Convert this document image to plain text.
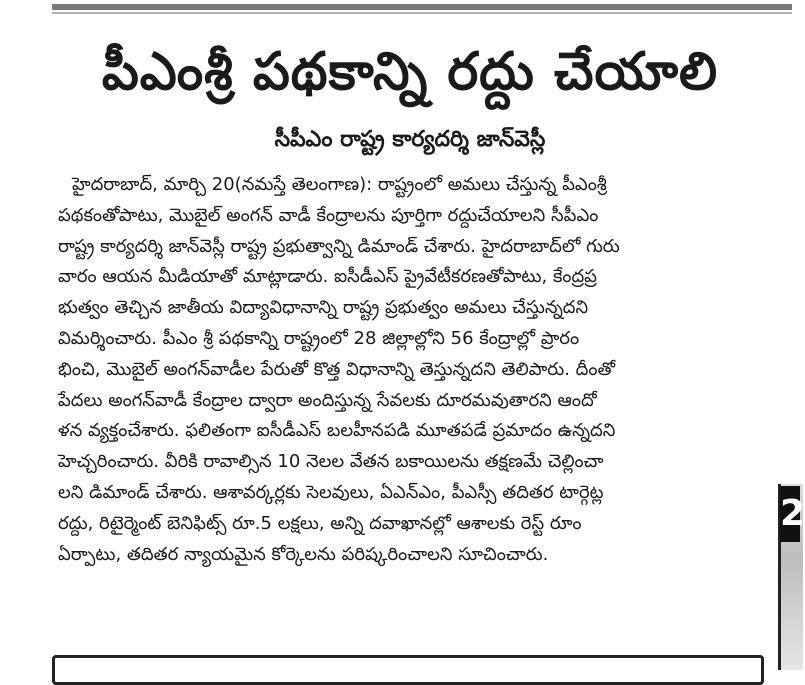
పీఎంశ్రీ పథకాన్ని రద్దు చేయాలి
సీపీఎం రాష్ట్ర కార్యదర్శి జాన్‌వెస్లీ
హైదరాబాద్, మార్చి 20(నమస్తే తెలంగాణ): రాష్ట్రంలో అమలు చేస్తున్న పీఎంశ్రీ
పథకంతోపాటు, మొబైల్ అంగన్ వాడీ కేంద్రాలను పూర్తిగా రద్దుచేయాలని సీపీఎం
రాష్ట్ర కార్యదర్శి జాన్‌వెస్లీ రాష్ట్ర ప్రభుత్వాన్ని డిమాండ్ చేశారు. హైదరాబాద్‌లో గురు
వారం ఆయన మీడియాతో మాట్లాడారు. ఐసీడీఎస్ ప్రైవేటీకరణతోపాటు, కేంద్రప్ర
భుత్వం తెచ్చిన జాతీయ విద్యావిధానాన్ని రాష్ట్ర ప్రభుత్వం అమలు చేస్తున్నదని
విమర్శించారు. పీఎం శ్రీ పథకాన్ని రాష్ట్రంలో 28 జిల్లాల్లోని 56 కేంద్రాల్లో ప్రారం
భించి, మొబైల్ అంగన్‌వాడీల పేరుతో కొత్త విధానాన్ని తెస్తున్నదని తెలిపారు. దీంతో
పేదలు అంగన్‌వాడీ కేంద్రాల ద్వారా అందిస్తున్న సేవలకు దూరమవుతారని ఆందో
ళన వ్యక్తంచేశారు. ఫలితంగా ఐసీడీఎస్ బలహీనపడి మూతపడే ప్రమాదం ఉన్నదని
హెచ్చరించారు. వీరికి రావాల్సిన 10 నెలల వేతన బకాయిలను తక్షణమే చెల్లించా
లని డిమాండ్ చేశారు. ఆశావర్కర్లకు సెలవులు, ఏఎన్ఎం, పీఎస్సీ తదితర టార్గెట్ల
రద్దు, రిటైర్మెంట్ బెనిఫిట్స్ రూ.5 లక్షలు, అన్ని దవాఖానల్లో ఆశాలకు రెస్ట్ రూం
ఏర్పాటు, తదితర న్యాయమైన కోర్కెలను పరిష్కరించాలని సూచించారు.
2
